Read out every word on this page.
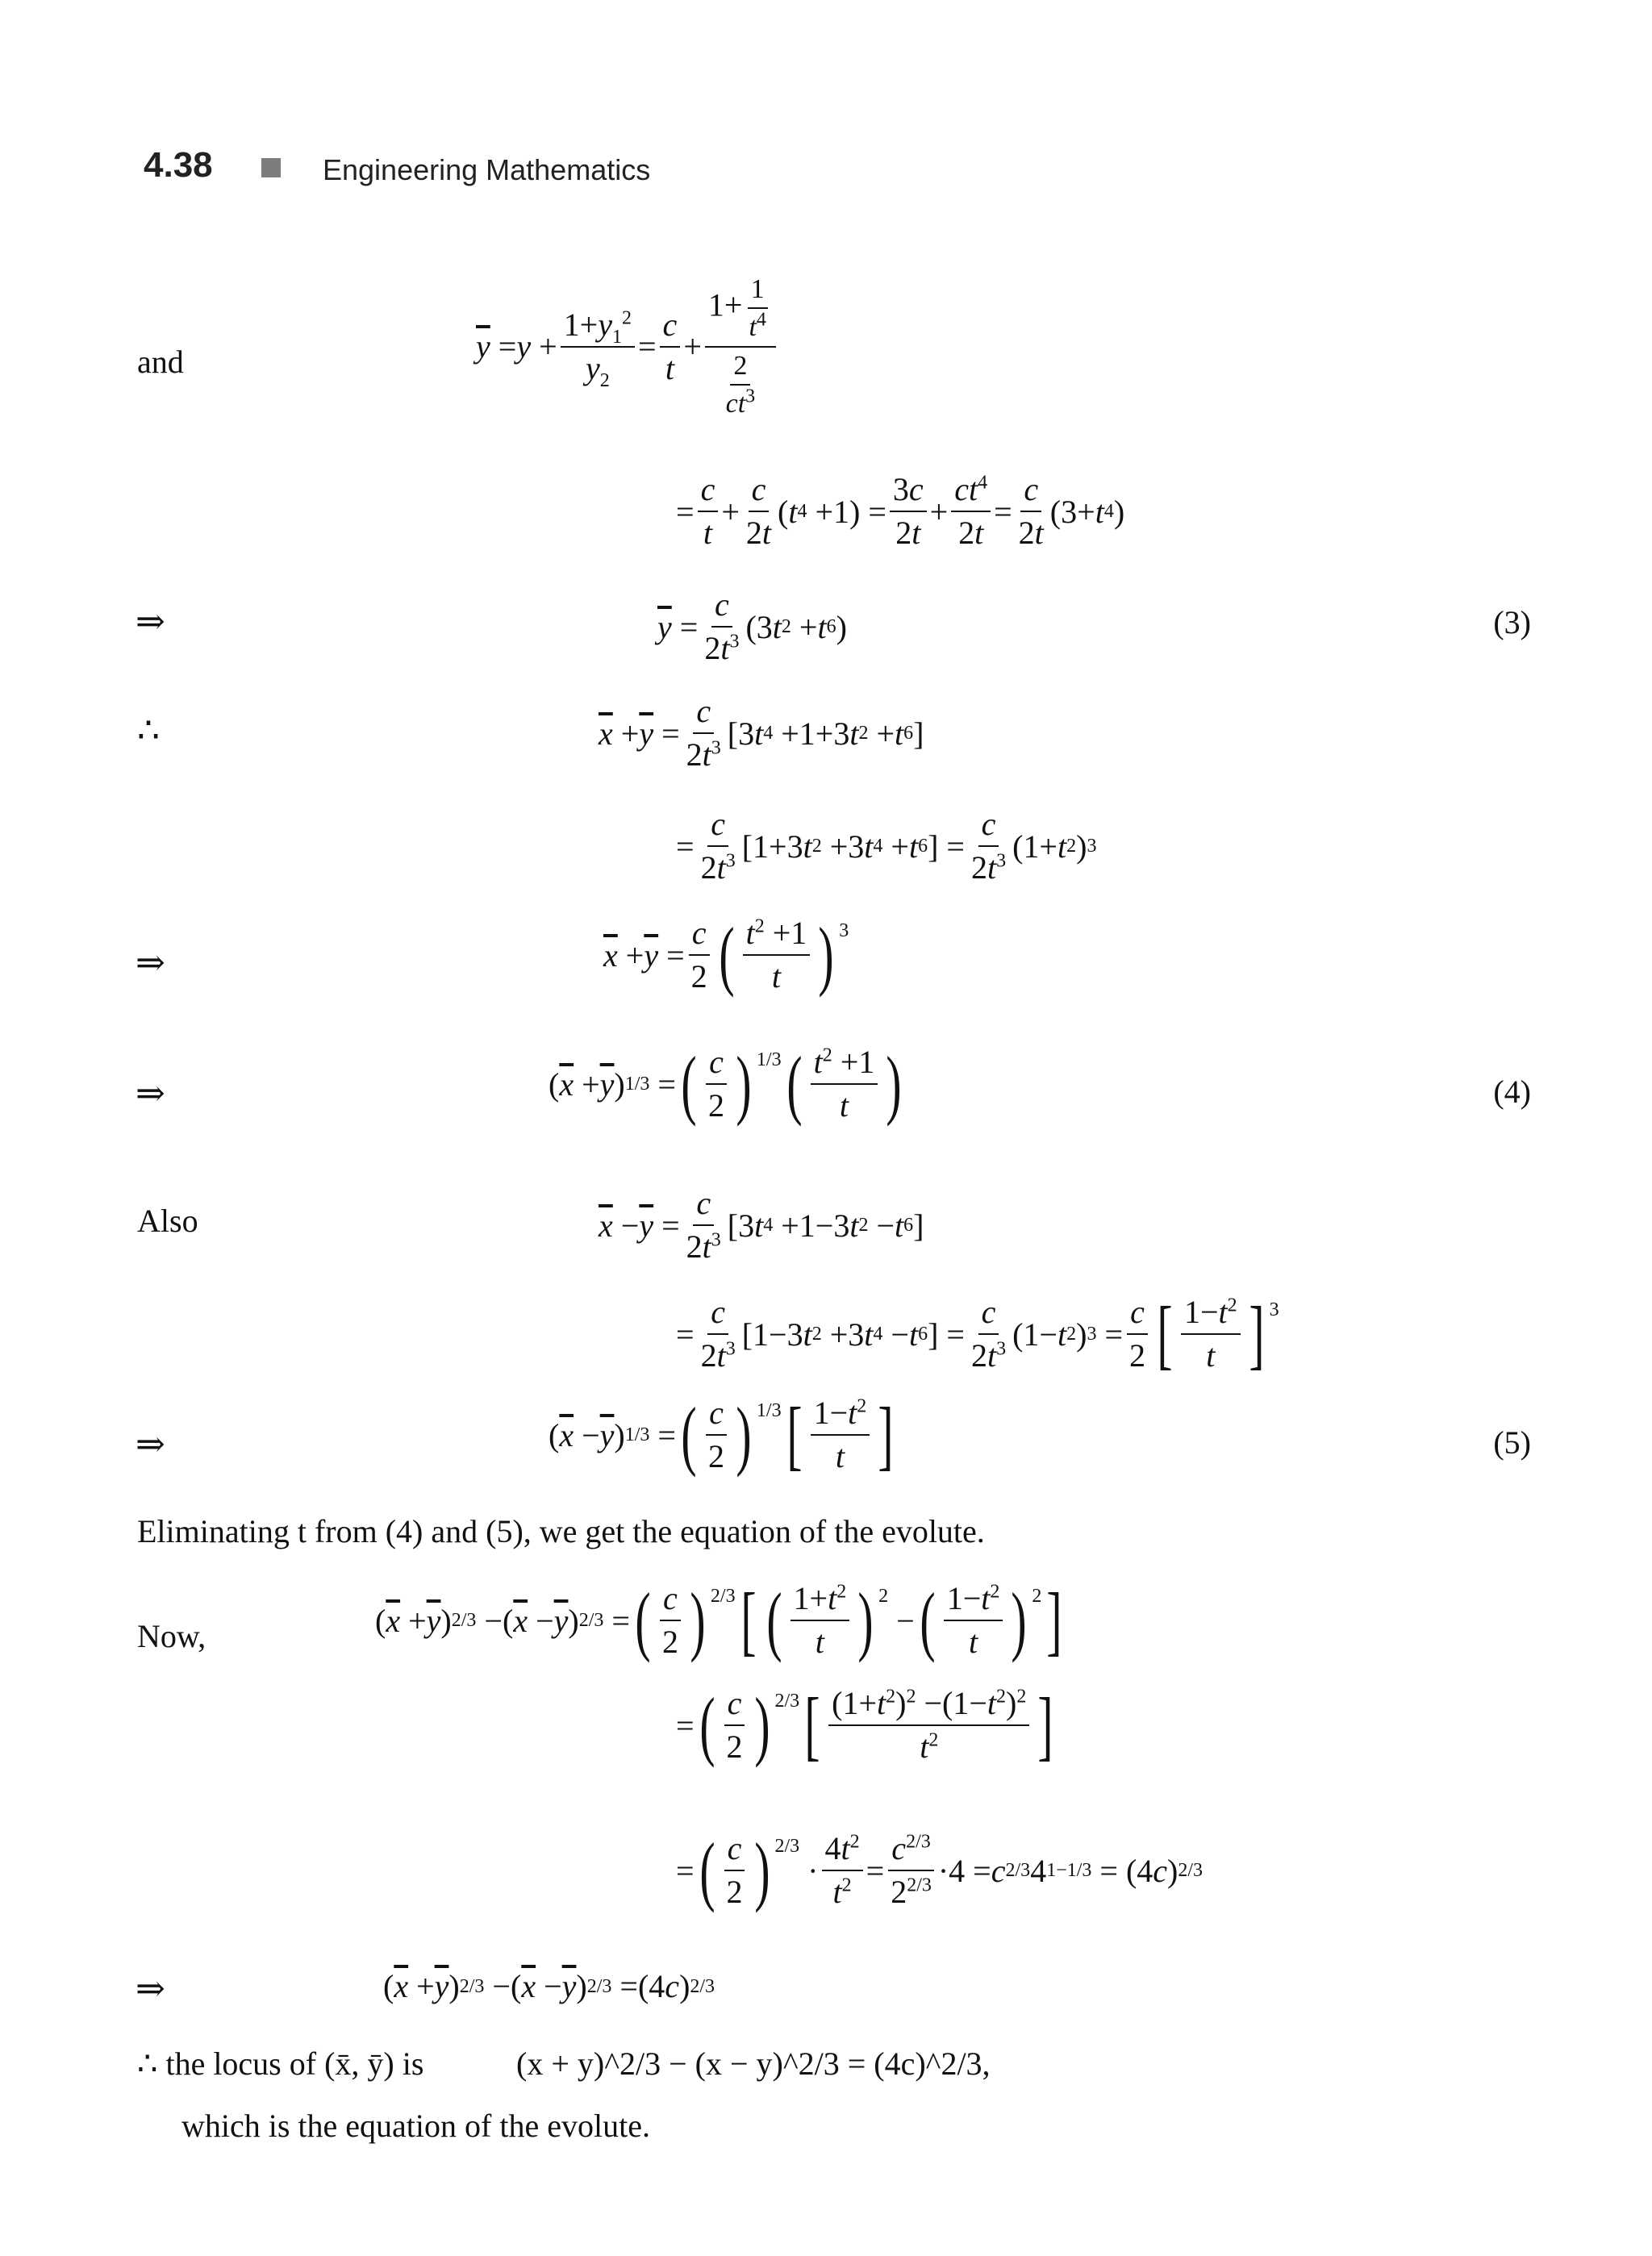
4.38	Engineering Mathematics
and	$\overline{y} = y + \frac{1+y_1^2}{y_2} = \frac{c}{t} + \frac{1+ \frac{1}{t^4}}{\frac{2}{ct^3}}$
= $\frac{c}{t} + \frac{c}{2t}$ ( t $4 +1) = \frac{3c}{2t} + \frac{ct^4}{2t} = \frac{c}{2t} (3+ t$ 4 )
⇒	$\overline{y} = \frac{c}{2t^3} (3$ t 2 + t 6 )	(3)
∴	$\overline{x} + \overline{y} = \frac{c}{2t^3} [3$ t 4 +1+3 t 2 + t 6 ]
= $\frac{c}{2t^3} [1+3$ t 2 +3 t 4 + t 6 ] = $\frac{c}{2t^3} (1+ t$ 2 ) 3
⇒	$\overline{x} + \overline{y} = \frac{c}{2}$ ( $\frac{t^2 +1}{t}$ ) 3
⇒	( $\overline{x} + \overline{y}$ ) 1/3 = ( $\frac{c}{2}$ ) 1/3 ( $\frac{t^2 +1}{t}$ )	(4)
Also	$\overline{x} - \overline{y} = \frac{c}{2t^3} [3$ t 4 +1−3 t 2 − t 6 ]
= $\frac{c}{2t^3} [1-3$ t 2 +3 t 4 − t 6 ] = $\frac{c}{2t^3} (1- t$ 2 ) $3 = \frac{c}{2}$ [ $\frac{1-t^2}{t}$ ] 3
⇒	( $\overline{x} - \overline{y}$ ) 1/3 = ( $\frac{c}{2}$ ) 1/3 [ $\frac{1-t^2}{t}$ ]	(5)
Eliminating t from (4) and (5), we get the equation of the evolute.
Now,	( $\overline{x} + \overline{y}$ ) 2/3 −( $\overline{x} - \overline{y}$ ) 2/3 = ( $\frac{c}{2}$ ) 2/3 [ ( $\frac{1+t^2}{t}$ ) 2
− ( $\frac{1-t^2}{t}$ ) 2 ]
= ( $\frac{c}{2}$ ) 2/3 [ $\frac{(1+t^2)^2 -(1-t^2)^2}{t^2}$ ]
= ( $\frac{c}{2}$ ) 2/3
· $\frac{4t^2}{t^2} = \frac{c^{2/3}}{2^{2/3}} \cdot 4 = c$ 2/3 4 1−1/3 = (4 c ) 2/3
⇒	( $\overline{x} + \overline{y}$ ) 2/3 −( $\overline{x} - \overline{y}$ ) 2/3 =(4 c ) 2/3
∴ the locus of (x̄, ȳ) is	(x + y)^2/3 − (x − y)^2/3 = (4c)^2/3,
which is the equation of the evolute.
